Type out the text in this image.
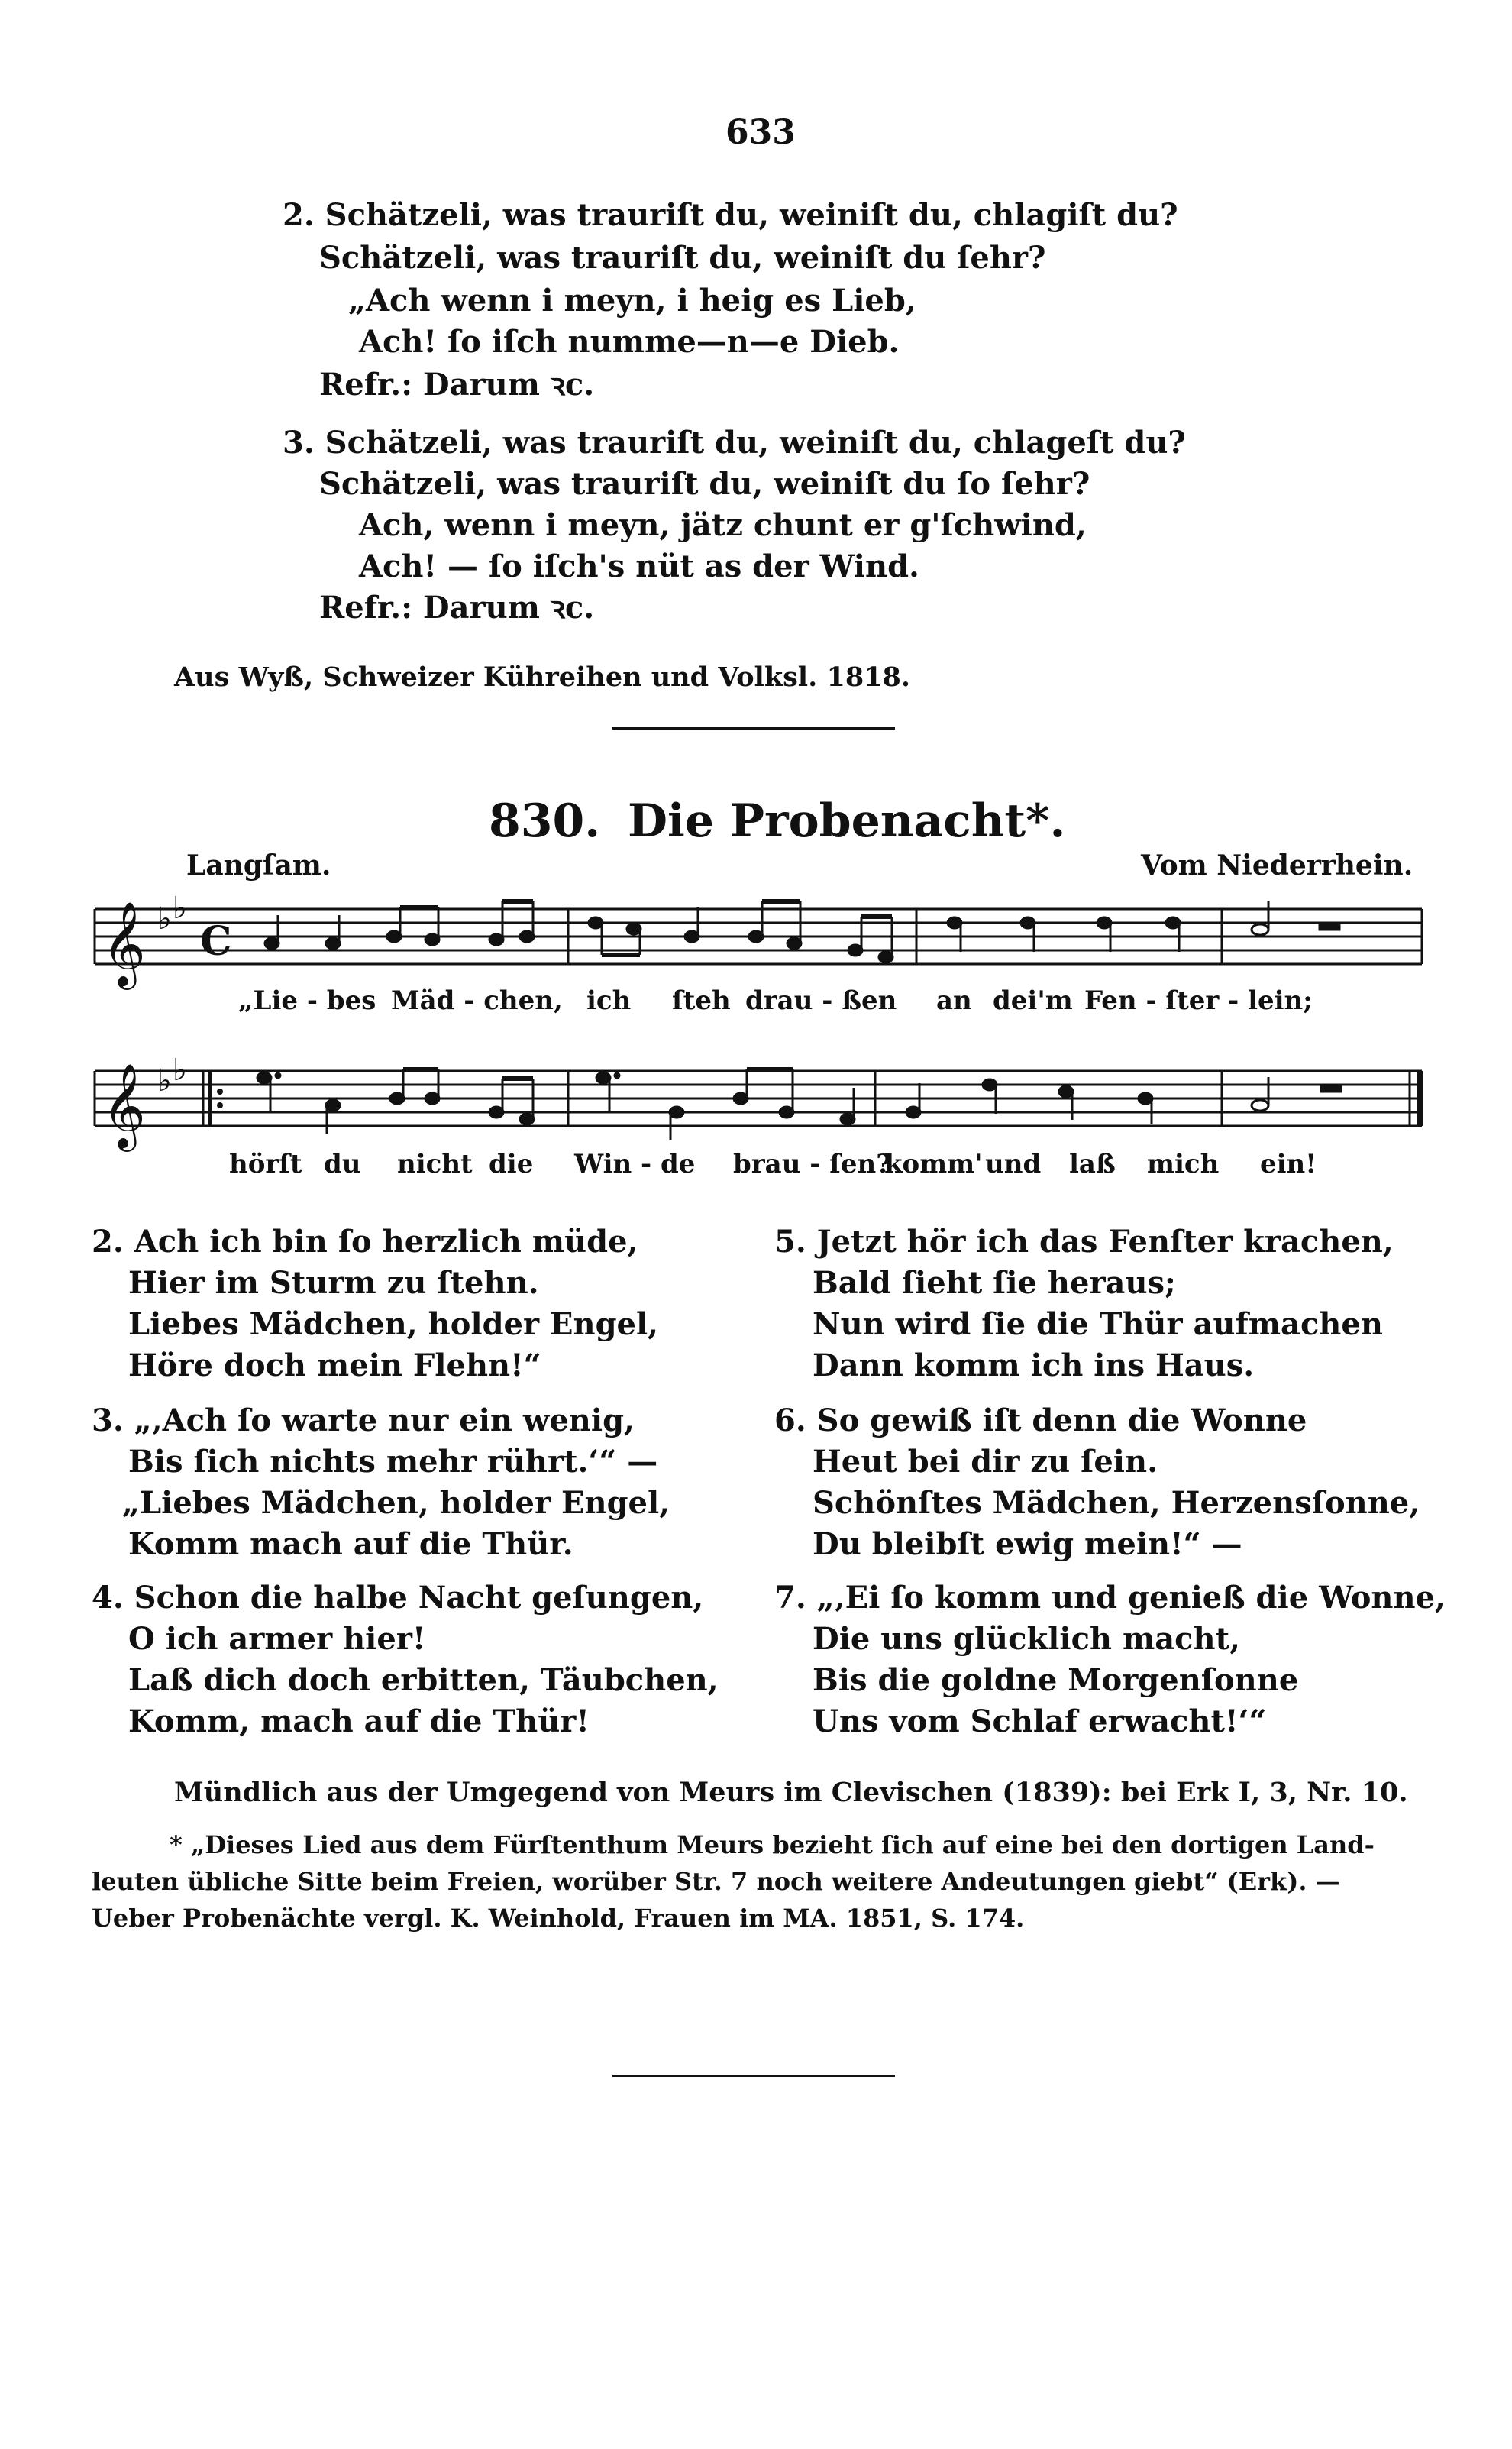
633
2. Schätzeli, was trauriſt du, weiniſt du, chlagiſt du?
Schätzeli, was trauriſt du, weiniſt du ſehr?
„Ach wenn i meyn, i heig es Lieb,
Ach! ſo iſch numme—n—e Dieb.
Refr.: Darum ꝛc.
3. Schätzeli, was trauriſt du, weiniſt du, chlageſt du?
Schätzeli, was trauriſt du, weiniſt du ſo ſehr?
Ach, wenn i meyn, jätz chunt er g'ſchwind,
Ach! — ſo iſch's nüt as der Wind.
Refr.: Darum ꝛc.
Aus Wyß, Schweizer Kühreihen und Volksl. 1818.
830. Die Probenacht*.
Langſam.	Vom Niederrhein.
𝄞 ♭ ♭
C
„Lie - bes Mäd - chen, ich ſteh drau - ßen an dei'm Fen - ſter - lein;
𝄞 ♭ ♭
hörſt du nicht die Win - de brau - ſen?
komm' und laß mich ein!
2. Ach ich bin ſo herzlich müde,
Hier im Sturm zu ſtehn.
Liebes Mädchen, holder Engel,
Höre doch mein Flehn!“
3. „‚Ach ſo warte nur ein wenig,
Bis ſich nichts mehr rührt.‘“ —
„Liebes Mädchen, holder Engel,
Komm mach auf die Thür.
4. Schon die halbe Nacht geſungen,
O ich armer hier!
Laß dich doch erbitten, Täubchen,
Komm, mach auf die Thür!
5. Jetzt hör ich das Fenſter krachen,
Bald ſieht ſie heraus;
Nun wird ſie die Thür aufmachen
Dann komm ich ins Haus.
6. So gewiß iſt denn die Wonne
Heut bei dir zu ſein.
Schönſtes Mädchen, Herzensſonne,
Du bleibſt ewig mein!“ —
7. „‚Ei ſo komm und genieß die Wonne,
Die uns glücklich macht,
Bis die goldne Morgenſonne
Uns vom Schlaf erwacht!‘“
Mündlich aus der Umgegend von Meurs im Clevischen (1839): bei Erk I, 3, Nr. 10.
* „Dieses Lied aus dem Fürſtenthum Meurs bezieht ſich auf eine bei den dortigen Land-
leuten übliche Sitte beim Freien, worüber Str. 7 noch weitere Andeutungen giebt“ (Erk). —
Ueber Probenächte vergl. K. Weinhold, Frauen im MA. 1851, S. 174.
